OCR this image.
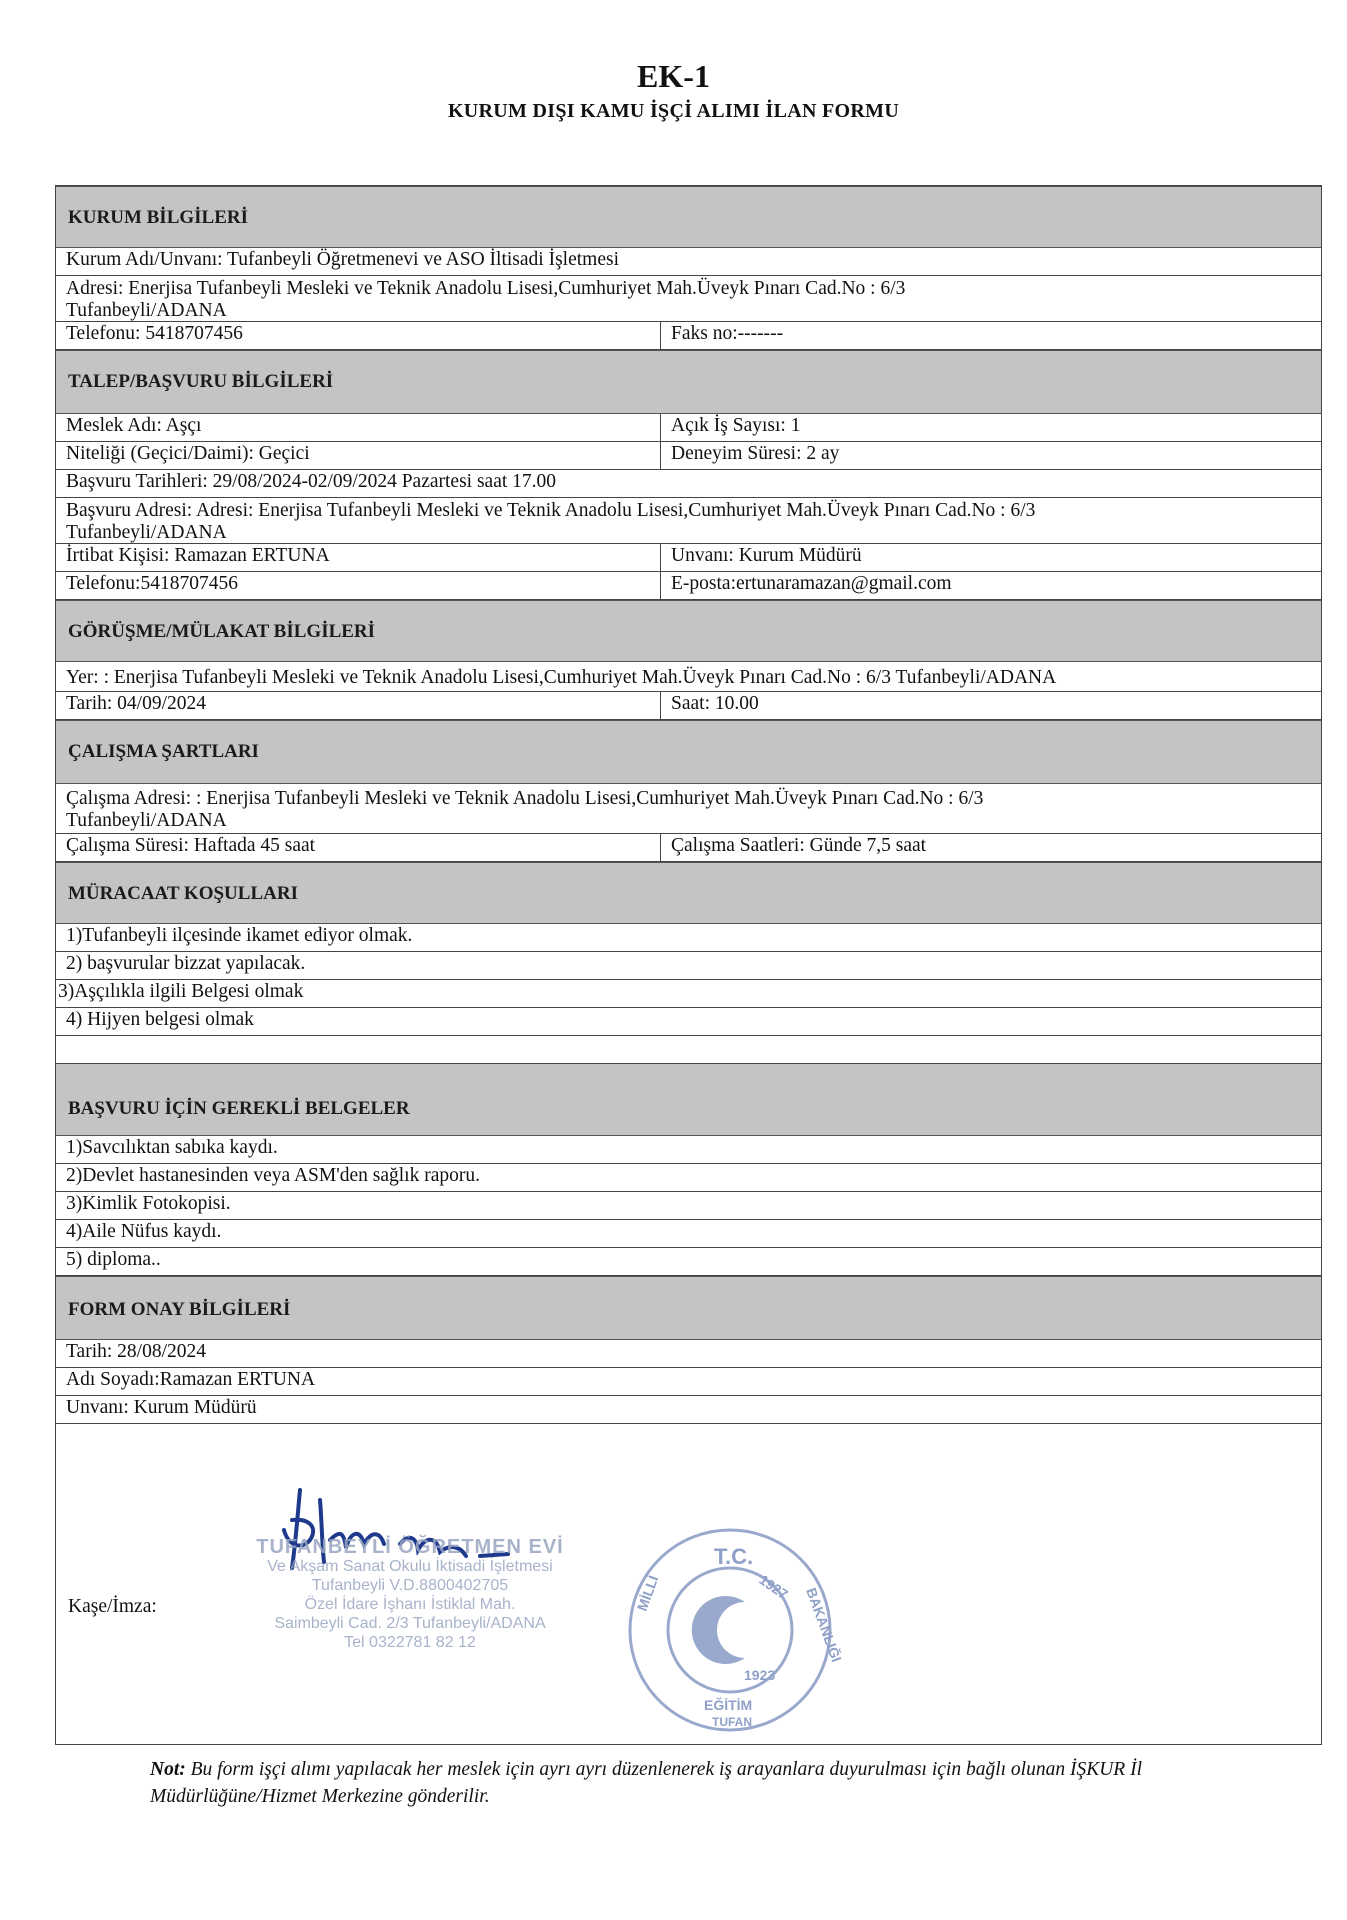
EK-1
KURUM DIŞI KAMU İŞÇİ ALIMI İLAN FORMU
KURUM BİLGİLERİ
Kurum Adı/Unvanı: Tufanbeyli Öğretmenevi ve ASO İltisadi İşletmesi
Adresi: Enerjisa Tufanbeyli Mesleki ve Teknik Anadolu Lisesi,Cumhuriyet Mah.Üveyk Pınarı Cad.No : 6/3
Tufanbeyli/ADANA
Telefonu: 5418707456	Faks no:-------
TALEP/BAŞVURU BİLGİLERİ
Meslek Adı: Aşçı	Açık İş Sayısı: 1
Niteliği (Geçici/Daimi): Geçici	Deneyim Süresi: 2 ay
Başvuru Tarihleri: 29/08/2024-02/09/2024 Pazartesi saat 17.00
Başvuru Adresi: Adresi: Enerjisa Tufanbeyli Mesleki ve Teknik Anadolu Lisesi,Cumhuriyet Mah.Üveyk Pınarı Cad.No : 6/3
Tufanbeyli/ADANA
İrtibat Kişisi: Ramazan ERTUNA	Unvanı: Kurum Müdürü
Telefonu:5418707456	E-posta:ertunaramazan@gmail.com
GÖRÜŞME/MÜLAKAT BİLGİLERİ
Yer: : Enerjisa Tufanbeyli Mesleki ve Teknik Anadolu Lisesi,Cumhuriyet Mah.Üveyk Pınarı Cad.No : 6/3 Tufanbeyli/ADANA
Tarih: 04/09/2024	Saat: 10.00
ÇALIŞMA ŞARTLARI
Çalışma Adresi: : Enerjisa Tufanbeyli Mesleki ve Teknik Anadolu Lisesi,Cumhuriyet Mah.Üveyk Pınarı Cad.No : 6/3
Tufanbeyli/ADANA
Çalışma Süresi: Haftada 45 saat	Çalışma Saatleri: Günde 7,5 saat
MÜRACAAT KOŞULLARI
1)Tufanbeyli ilçesinde ikamet ediyor olmak.
2) başvurular bizzat yapılacak.
3)Aşçılıkla ilgili Belgesi olmak
4) Hijyen belgesi olmak
BAŞVURU İÇİN GEREKLİ BELGELER
1)Savcılıktan sabıka kaydı.
2)Devlet hastanesinden veya ASM'den sağlık raporu.
3)Kimlik Fotokopisi.
4)Aile Nüfus kaydı.
5) diploma..
FORM ONAY BİLGİLERİ
Tarih: 28/08/2024
Adı Soyadı:Ramazan ERTUNA
Unvanı: Kurum Müdürü
Kaşe/İmza:
TUFANBEYLİ ÖĞRETMEN EVİ
Ve Akşam Sanat Okulu İktisadi İşletmesi
Tufanbeyli V.D.8800402705
Özel İdare İşhanı İstiklal Mah.
Saimbeyli Cad. 2/3 Tufanbeyli/ADANA
Tel 0322781 82 12
T.C.
1927
1923
MİLLİ
EĞİTİM
BAKANLIĞI
TUFAN
Not: Bu form işçi alımı yapılacak her meslek için ayrı ayrı düzenlenerek iş arayanlara duyurulması için bağlı olunan İŞKUR İl Müdürlüğüne/Hizmet Merkezine gönderilir.
